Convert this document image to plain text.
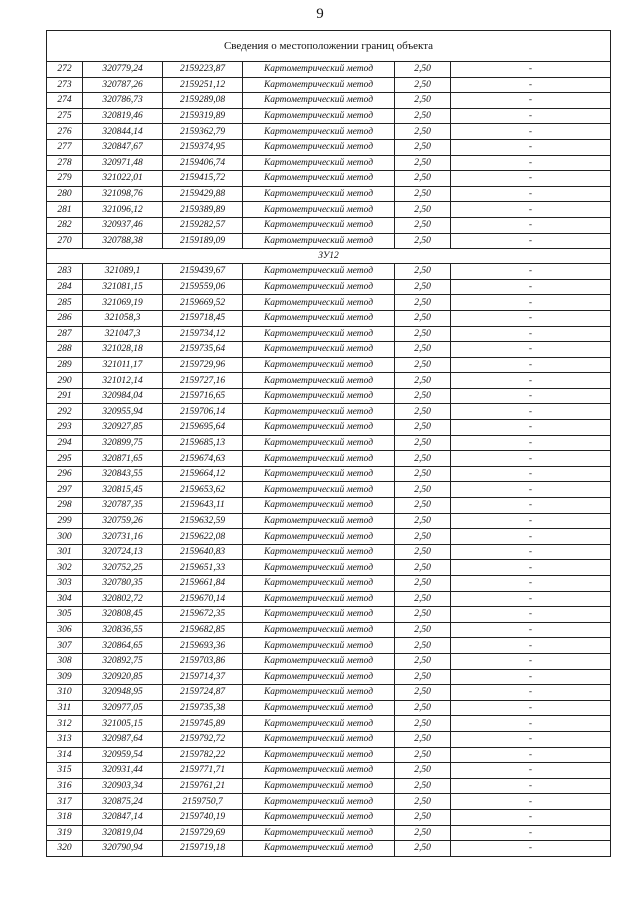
9
Сведения о местоположении границ объекта					
272	320779,24	2159223,87	Картометрический метод	2,50	-
273	320787,26	2159251,12	Картометрический метод	2,50	-
274	320786,73	2159289,08	Картометрический метод	2,50	-
275	320819,46	2159319,89	Картометрический метод	2,50	-
276	320844,14	2159362,79	Картометрический метод	2,50	-
277	320847,67	2159374,95	Картометрический метод	2,50	-
278	320971,48	2159406,74	Картометрический метод	2,50	-
279	321022,01	2159415,72	Картометрический метод	2,50	-
280	321098,76	2159429,88	Картометрический метод	2,50	-
281	321096,12	2159389,89	Картометрический метод	2,50	-
282	320937,46	2159282,57	Картометрический метод	2,50	-
270	320788,38	2159189,09	Картометрический метод	2,50	-
ЗУ12					
283	321089,1	2159439,67	Картометрический метод	2,50	-
284	321081,15	2159559,06	Картометрический метод	2,50	-
285	321069,19	2159669,52	Картометрический метод	2,50	-
286	321058,3	2159718,45	Картометрический метод	2,50	-
287	321047,3	2159734,12	Картометрический метод	2,50	-
288	321028,18	2159735,64	Картометрический метод	2,50	-
289	321011,17	2159729,96	Картометрический метод	2,50	-
290	321012,14	2159727,16	Картометрический метод	2,50	-
291	320984,04	2159716,65	Картометрический метод	2,50	-
292	320955,94	2159706,14	Картометрический метод	2,50	-
293	320927,85	2159695,64	Картометрический метод	2,50	-
294	320899,75	2159685,13	Картометрический метод	2,50	-
295	320871,65	2159674,63	Картометрический метод	2,50	-
296	320843,55	2159664,12	Картометрический метод	2,50	-
297	320815,45	2159653,62	Картометрический метод	2,50	-
298	320787,35	2159643,11	Картометрический метод	2,50	-
299	320759,26	2159632,59	Картометрический метод	2,50	-
300	320731,16	2159622,08	Картометрический метод	2,50	-
301	320724,13	2159640,83	Картометрический метод	2,50	-
302	320752,25	2159651,33	Картометрический метод	2,50	-
303	320780,35	2159661,84	Картометрический метод	2,50	-
304	320802,72	2159670,14	Картометрический метод	2,50	-
305	320808,45	2159672,35	Картометрический метод	2,50	-
306	320836,55	2159682,85	Картометрический метод	2,50	-
307	320864,65	2159693,36	Картометрический метод	2,50	-
308	320892,75	2159703,86	Картометрический метод	2,50	-
309	320920,85	2159714,37	Картометрический метод	2,50	-
310	320948,95	2159724,87	Картометрический метод	2,50	-
311	320977,05	2159735,38	Картометрический метод	2,50	-
312	321005,15	2159745,89	Картометрический метод	2,50	-
313	320987,64	2159792,72	Картометрический метод	2,50	-
314	320959,54	2159782,22	Картометрический метод	2,50	-
315	320931,44	2159771,71	Картометрический метод	2,50	-
316	320903,34	2159761,21	Картометрический метод	2,50	-
317	320875,24	2159750,7	Картометрический метод	2,50	-
318	320847,14	2159740,19	Картометрический метод	2,50	-
319	320819,04	2159729,69	Картометрический метод	2,50	-
320	320790,94	2159719,18	Картометрический метод	2,50	-
